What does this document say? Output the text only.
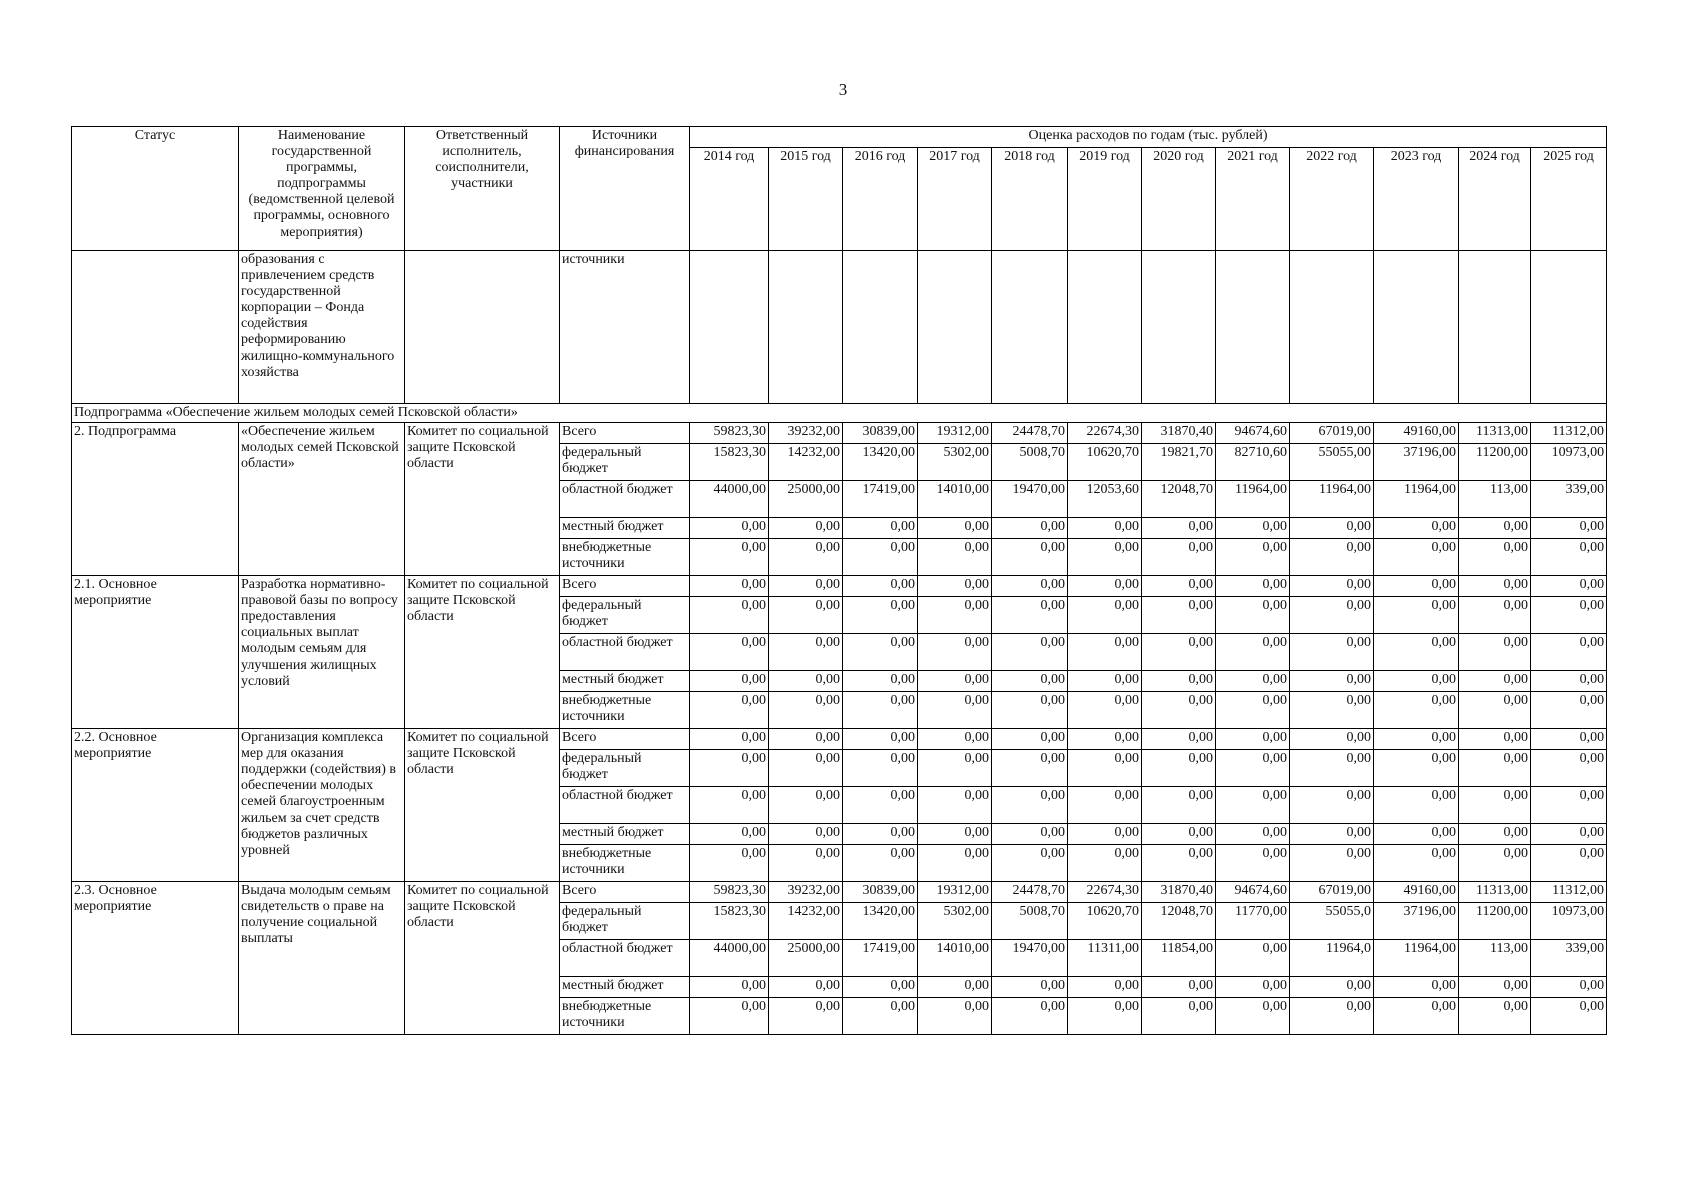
3
Статус	Наименование государственной программы, подпрограммы (ведомственной целевой программы, основного мероприятия)	Ответственный исполнитель, соисполнители, участники	Источники финансирования	Оценка расходов по годам (тыс. рублей)											
				2014 год	2015 год	2016 год	2017 год	2018 год	2019 год	2020 год	2021 год	2022 год	2023 год	2024 год	2025 год
	образования с привлечением средств государственной корпорации – Фонда содействия реформированию жилищно-коммунального хозяйства		источники												
Подпрограмма «Обеспечение жильем молодых семей Псковской области»															
2. Подпрограмма	«Обеспечение жильем молодых семей Псковской области»	Комитет по социальной защите Псковской области	Всего	59823,30	39232,00	30839,00	19312,00	24478,70	22674,30	31870,40	94674,60	67019,00	49160,00	11313,00	11312,00
			федеральный бюджет	15823,30	14232,00	13420,00	5302,00	5008,70	10620,70	19821,70	82710,60	55055,00	37196,00	11200,00	10973,00
			областной бюджет	44000,00	25000,00	17419,00	14010,00	19470,00	12053,60	12048,70	11964,00	11964,00	11964,00	113,00	339,00
			местный бюджет	0,00	0,00	0,00	0,00	0,00	0,00	0,00	0,00	0,00	0,00	0,00	0,00
			внебюджетные источники	0,00	0,00	0,00	0,00	0,00	0,00	0,00	0,00	0,00	0,00	0,00	0,00
2.1. Основное мероприятие	Разработка нормативно-правовой базы по вопросу предоставления социальных выплат молодым семьям для улучшения жилищных условий	Комитет по социальной защите Псковской области	Всего	0,00	0,00	0,00	0,00	0,00	0,00	0,00	0,00	0,00	0,00	0,00	0,00
			федеральный бюджет	0,00	0,00	0,00	0,00	0,00	0,00	0,00	0,00	0,00	0,00	0,00	0,00
			областной бюджет	0,00	0,00	0,00	0,00	0,00	0,00	0,00	0,00	0,00	0,00	0,00	0,00
			местный бюджет	0,00	0,00	0,00	0,00	0,00	0,00	0,00	0,00	0,00	0,00	0,00	0,00
			внебюджетные источники	0,00	0,00	0,00	0,00	0,00	0,00	0,00	0,00	0,00	0,00	0,00	0,00
2.2. Основное мероприятие	Организация комплекса мер для оказания поддержки (содействия) в обеспечении молодых семей благоустроенным жильем за счет средств бюджетов различных уровней	Комитет по социальной защите Псковской области	Всего	0,00	0,00	0,00	0,00	0,00	0,00	0,00	0,00	0,00	0,00	0,00	0,00
			федеральный бюджет	0,00	0,00	0,00	0,00	0,00	0,00	0,00	0,00	0,00	0,00	0,00	0,00
			областной бюджет	0,00	0,00	0,00	0,00	0,00	0,00	0,00	0,00	0,00	0,00	0,00	0,00
			местный бюджет	0,00	0,00	0,00	0,00	0,00	0,00	0,00	0,00	0,00	0,00	0,00	0,00
			внебюджетные источники	0,00	0,00	0,00	0,00	0,00	0,00	0,00	0,00	0,00	0,00	0,00	0,00
2.3. Основное мероприятие	Выдача молодым семьям свидетельств о праве на получение социальной выплаты	Комитет по социальной защите Псковской области	Всего	59823,30	39232,00	30839,00	19312,00	24478,70	22674,30	31870,40	94674,60	67019,00	49160,00	11313,00	11312,00
			федеральный бюджет	15823,30	14232,00	13420,00	5302,00	5008,70	10620,70	12048,70	11770,00	55055,0	37196,00	11200,00	10973,00
			областной бюджет	44000,00	25000,00	17419,00	14010,00	19470,00	11311,00	11854,00	0,00	11964,0	11964,00	113,00	339,00
			местный бюджет	0,00	0,00	0,00	0,00	0,00	0,00	0,00	0,00	0,00	0,00	0,00	0,00
			внебюджетные источники	0,00	0,00	0,00	0,00	0,00	0,00	0,00	0,00	0,00	0,00	0,00	0,00
